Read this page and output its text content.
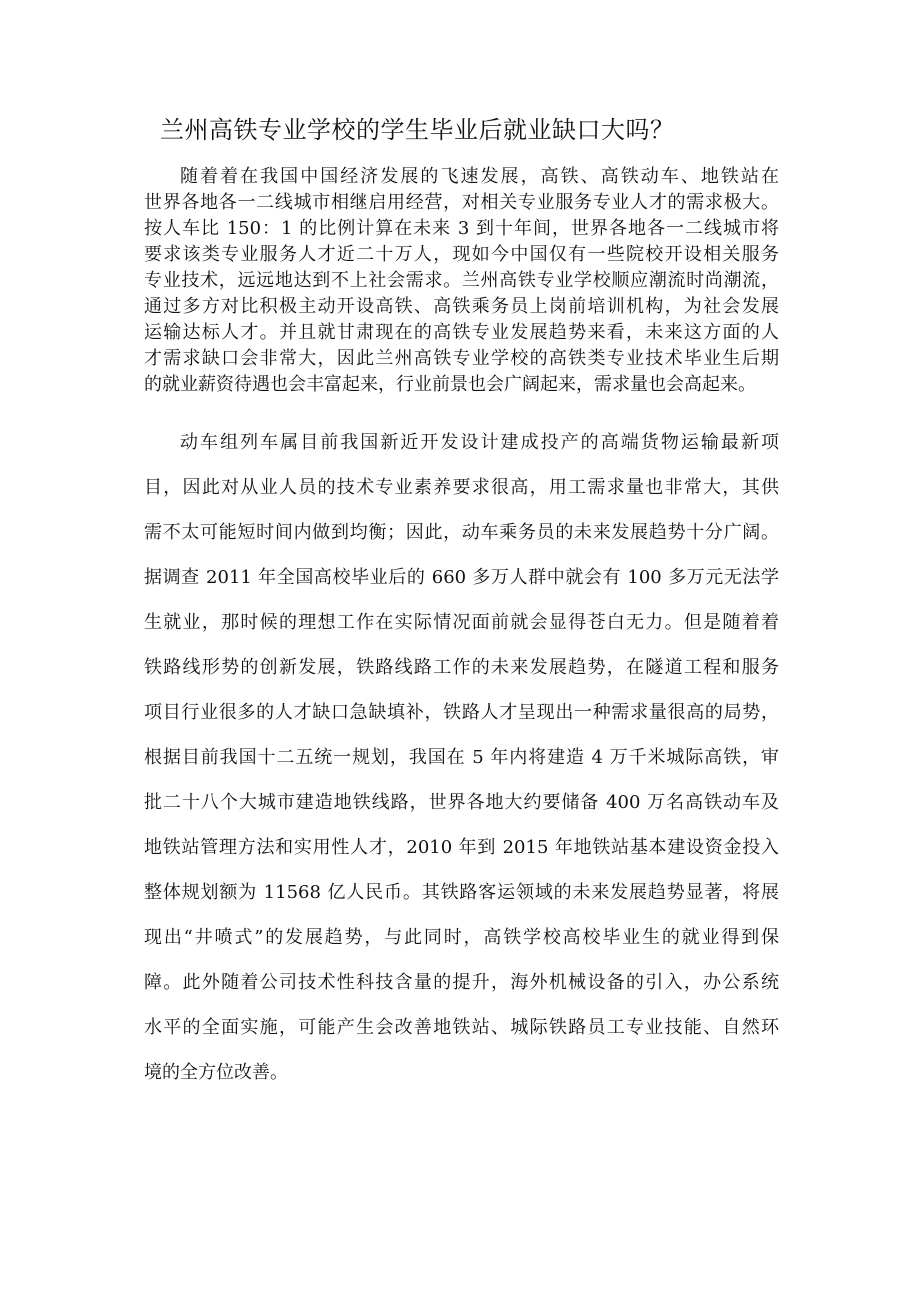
兰州高铁专业学校的学生毕业后就业缺口大吗？
随着着在我国中国经济发展的飞速发展，高铁、高铁动车、地铁站在
世界各地各一二线城市相继启用经营，对相关专业服务专业人才的需求极大。
按人车比 150：1 的比例计算在未来 3 到十年间，世界各地各一二线城市将
要求该类专业服务人才近二十万人，现如今中国仅有一些院校开设相关服务
专业技术，远远地达到不上社会需求。兰州高铁专业学校顺应潮流时尚潮流，
通过多方对比积极主动开设高铁、高铁乘务员上岗前培训机构，为社会发展
运输达标人才。并且就甘肃现在的高铁专业发展趋势来看，未来这方面的人
才需求缺口会非常大，因此兰州高铁专业学校的高铁类专业技术毕业生后期
的就业薪资待遇也会丰富起来，行业前景也会广阔起来，需求量也会高起来。
动车组列车属目前我国新近开发设计建成投产的高端货物运输最新项
目，因此对从业人员的技术专业素养要求很高，用工需求量也非常大，其供
需不太可能短时间内做到均衡；因此，动车乘务员的未来发展趋势十分广阔。
据调查 2011 年全国高校毕业后的 660 多万人群中就会有 100 多万元无法学
生就业，那时候的理想工作在实际情况面前就会显得苍白无力。但是随着着
铁路线形势的创新发展，铁路线路工作的未来发展趋势，在隧道工程和服务
项目行业很多的人才缺口急缺填补，铁路人才呈现出一种需求量很高的局势，
根据目前我国十二五统一规划，我国在 5 年内将建造 4 万千米城际高铁，审
批二十八个大城市建造地铁线路，世界各地大约要储备 400 万名高铁动车及
地铁站管理方法和实用性人才，2010 年到 2015 年地铁站基本建设资金投入
整体规划额为 11568 亿人民币。其铁路客运领域的未来发展趋势显著，将展
现出“井喷式”的发展趋势，与此同时，高铁学校高校毕业生的就业得到保
障。此外随着公司技术性科技含量的提升，海外机械设备的引入，办公系统
水平的全面实施，可能产生会改善地铁站、城际铁路员工专业技能、自然环
境的全方位改善。
